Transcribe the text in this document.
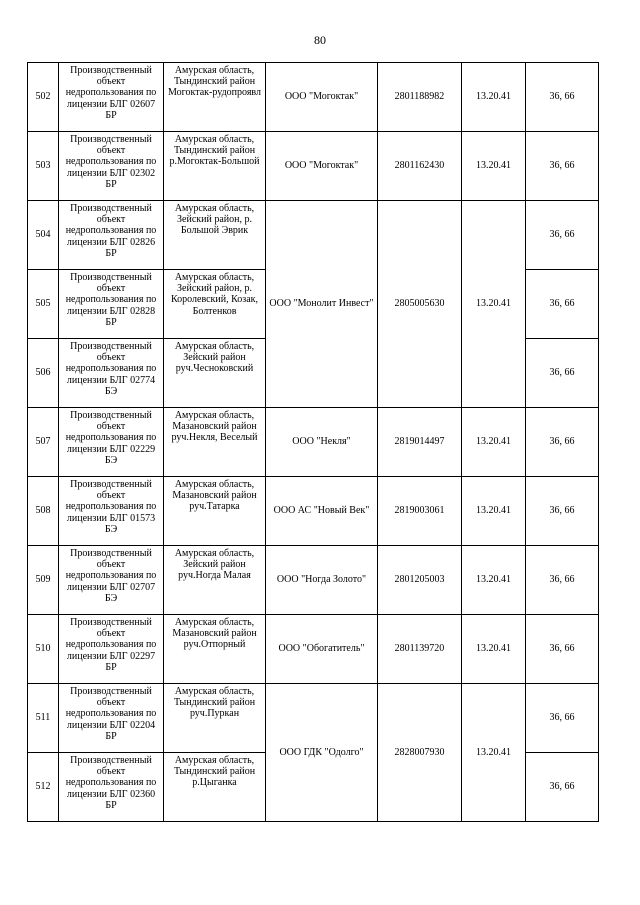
80
502	Производственный объект недропользования по лицензии БЛГ 02607 БР	Амурская область, Тындинский район Могоктак-рудопроявл	ООО "Могоктак"	2801188982	13.20.41	36, 66
503	Производственный объект недропользования по лицензии БЛГ 02302 БР	Амурская область, Тындинский район р.Могоктак-Большой	ООО "Могоктак"	2801162430	13.20.41	36, 66
504	Производственный объект недропользования по лицензии БЛГ 02826 БР	Амурская область, Зейский район, р. Большой Эврик	ООО "Монолит Инвест"	2805005630	13.20.41	36, 66
505	Производственный объект недропользования по лицензии БЛГ 02828 БР	Амурская область, Зейский район, р. Королевский, Козак, Болтенков				36, 66
506	Производственный объект недропользования по лицензии БЛГ 02774 БЭ	Амурская область, Зейский район руч.Чесноковский				36, 66
507	Производственный объект недропользования по лицензии БЛГ 02229 БЭ	Амурская область, Мазановский район руч.Некля, Веселый	ООО "Некля"	2819014497	13.20.41	36, 66
508	Производственный объект недропользования по лицензии БЛГ 01573 БЭ	Амурская область, Мазановский район руч.Татарка	ООО АС "Новый Век"	2819003061	13.20.41	36, 66
509	Производственный объект недропользования по лицензии БЛГ 02707 БЭ	Амурская область, Зейский район руч.Ногда Малая	ООО "Ногда Золото"	2801205003	13.20.41	36, 66
510	Производственный объект недропользования по лицензии БЛГ 02297 БР	Амурская область, Мазановский район руч.Отпорный	ООО "Обогатитель"	2801139720	13.20.41	36, 66
511	Производственный объект недропользования по лицензии БЛГ 02204 БР	Амурская область, Тындинский район руч.Пуркан	ООО ГДК "Одолго"	2828007930	13.20.41	36, 66
512	Производственный объект недропользования по лицензии БЛГ 02360 БР	Амурская область, Тындинский район р.Цыганка				36, 66
